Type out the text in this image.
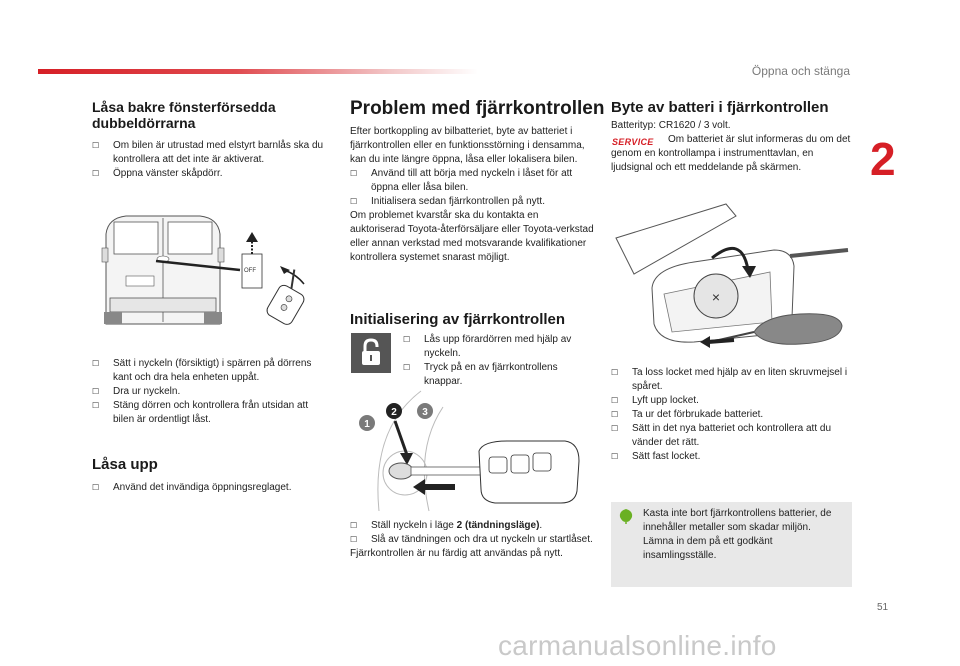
Öppna och stänga
2
Låsa bakre fönsterförsedda dubbeldörrarna
☐ Om bilen är utrustad med elstyrt barnlås ska du kontrollera att det inte är aktiverat.
☐ Öppna vänster skåpdörr.
OFF
☐ Sätt i nyckeln (försiktigt) i spärren på dörrens kant och dra hela enheten uppåt.
☐ Dra ur nyckeln.
☐ Stäng dörren och kontrollera från utsidan att bilen är ordentligt låst.
Låsa upp
☐ Använd det invändiga öppningsreglaget.
Problem med fjärrkontrollen

Efter bortkoppling av bilbatteriet, byte av batteriet i fjärrkontrollen eller en funktionsstörning i densamma, kan du inte längre öppna, låsa eller lokalisera bilen.

☐ Använd till att börja med nyckeln i låset för att öppna eller låsa bilen.
☐ Initialisera sedan fjärrkontrollen på nytt.

Om problemet kvarstår ska du kontakta en auktoriserad Toyota-återförsäljare eller Toyota-verkstad eller annan verkstad med motsvarande kvalifikationer kontrollera systemet snarast möjligt.

Initialisering av fjärrkontrollen
☐ Lås upp förardörren med hjälp av nyckeln.
☐ Tryck på en av fjärrkontrollens knappar.
1
2	3
☐ Ställ nyckeln i läge 2 (tändningsläge).
☐ Slå av tändningen och dra ut nyckeln ur startlåset.

Fjärrkontrollen är nu färdig att användas på nytt.

Byte av batteri i fjärrkontrollen

Batterityp: CR1620 / 3 volt.

Om batteriet är slut informeras du om det genom en kontrollampa i instrumenttavlan, en ljudsignal och ett meddelande på skärmen.

SERVICE
×
☐ Ta loss locket med hjälp av en liten skruvmejsel i spåret.
☐ Lyft upp locket.
☐ Ta ur det förbrukade batteriet.
☐ Sätt in det nya batteriet och kontrollera att du vänder det rätt.
☐ Sätt fast locket.

Kasta inte bort fjärrkontrollens batterier, de innehåller metaller som skadar miljön.
Lämna in dem på ett godkänt insamlingsställe.

51
carmanualsonline.info
